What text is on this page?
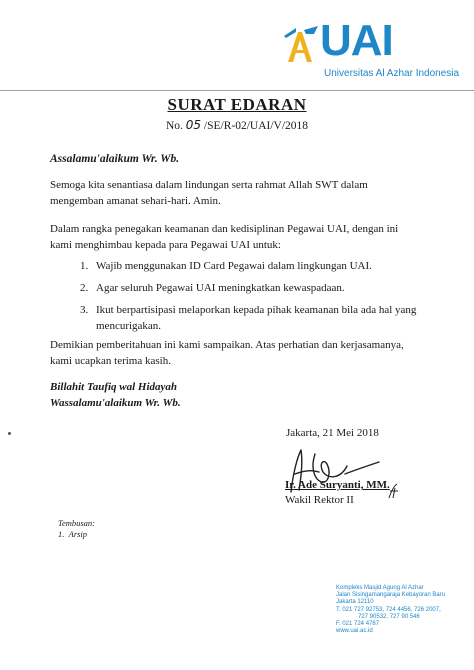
UAI
Universitas Al Azhar Indonesia
SURAT EDARAN
No. 05 /SE/R-02/UAI/V/2018
Assalamu'alaikum Wr. Wb.
Semoga kita senantiasa dalam lindungan serta rahmat Allah SWT dalam mengemban amanat sehari-hari. Amin.
Dalam rangka penegakan keamanan dan kedisiplinan Pegawai UAI, dengan ini kami menghimbau kepada para Pegawai UAI untuk:
1. Wajib menggunakan ID Card Pegawai dalam lingkungan UAI.
2. Agar seluruh Pegawai UAI meningkatkan kewaspadaan.
3. Ikut berpartisipasi melaporkan kepada pihak keamanan bila ada hal yang mencurigakan.
Demikian pemberitahuan ini kami sampaikan. Atas perhatian dan kerjasamanya, kami ucapkan terima kasih.
Billahit Taufiq wal Hidayah
Wassalamu'alaikum Wr. Wb.
Jakarta, 21 Mei 2018
Ir. Ade Suryanti, MM.
Wakil Rektor II
Tembusan:
1. Arsip
Kompleks Masjid Agung Al Azhar
Jalan Sisingamangaraja Kebayoran Baru
Jakarta 12110
T. 021 727 92753, 724 4456, 726 2007,
727 90532, 727 90 546
F. 021 724 4767
www.uai.ac.id
